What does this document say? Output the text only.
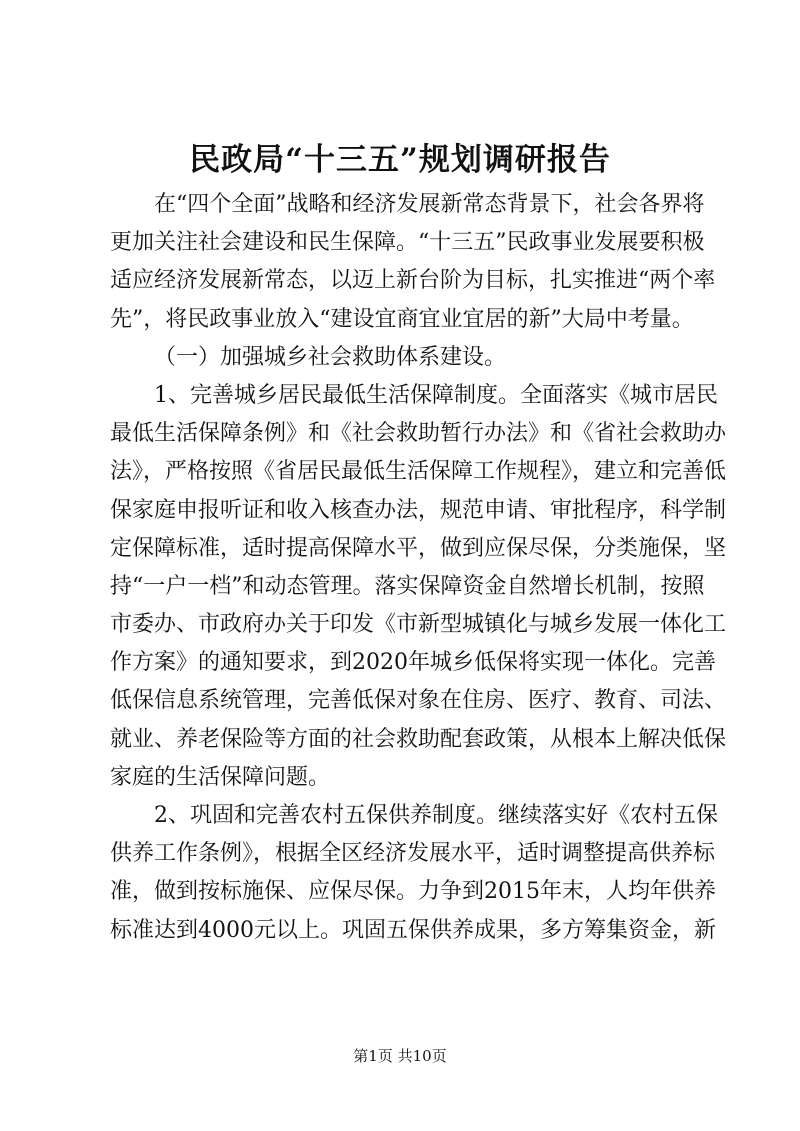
民政局“十三五”规划调研报告
在“四个全面”战略和经济发展新常态背景下，社会各界将
更加关注社会建设和民生保障。“十三五”民政事业发展要积极
适应经济发展新常态，以迈上新台阶为目标，扎实推进“两个率
先”，将民政事业放入“建设宜商宜业宜居的新”大局中考量。
（一）加强城乡社会救助体系建设。
1、完善城乡居民最低生活保障制度。全面落实《城市居民
最低生活保障条例》和《社会救助暂行办法》和《省社会救助办
法》，严格按照《省居民最低生活保障工作规程》，建立和完善低
保家庭申报听证和收入核查办法，规范申请、审批程序，科学制
定保障标准，适时提高保障水平，做到应保尽保，分类施保，坚
持“一户一档”和动态管理。落实保障资金自然增长机制，按照
市委办、市政府办关于印发《市新型城镇化与城乡发展一体化工
作方案》的通知要求，到2020年城乡低保将实现一体化。完善
低保信息系统管理，完善低保对象在住房、医疗、教育、司法、
就业、养老保险等方面的社会救助配套政策，从根本上解决低保
家庭的生活保障问题。
2、巩固和完善农村五保供养制度。继续落实好《农村五保
供养工作条例》，根据全区经济发展水平，适时调整提高供养标
准，做到按标施保、应保尽保。力争到2015年末，人均年供养
标准达到4000元以上。巩固五保供养成果，多方筹集资金，新
第1页 共10页
